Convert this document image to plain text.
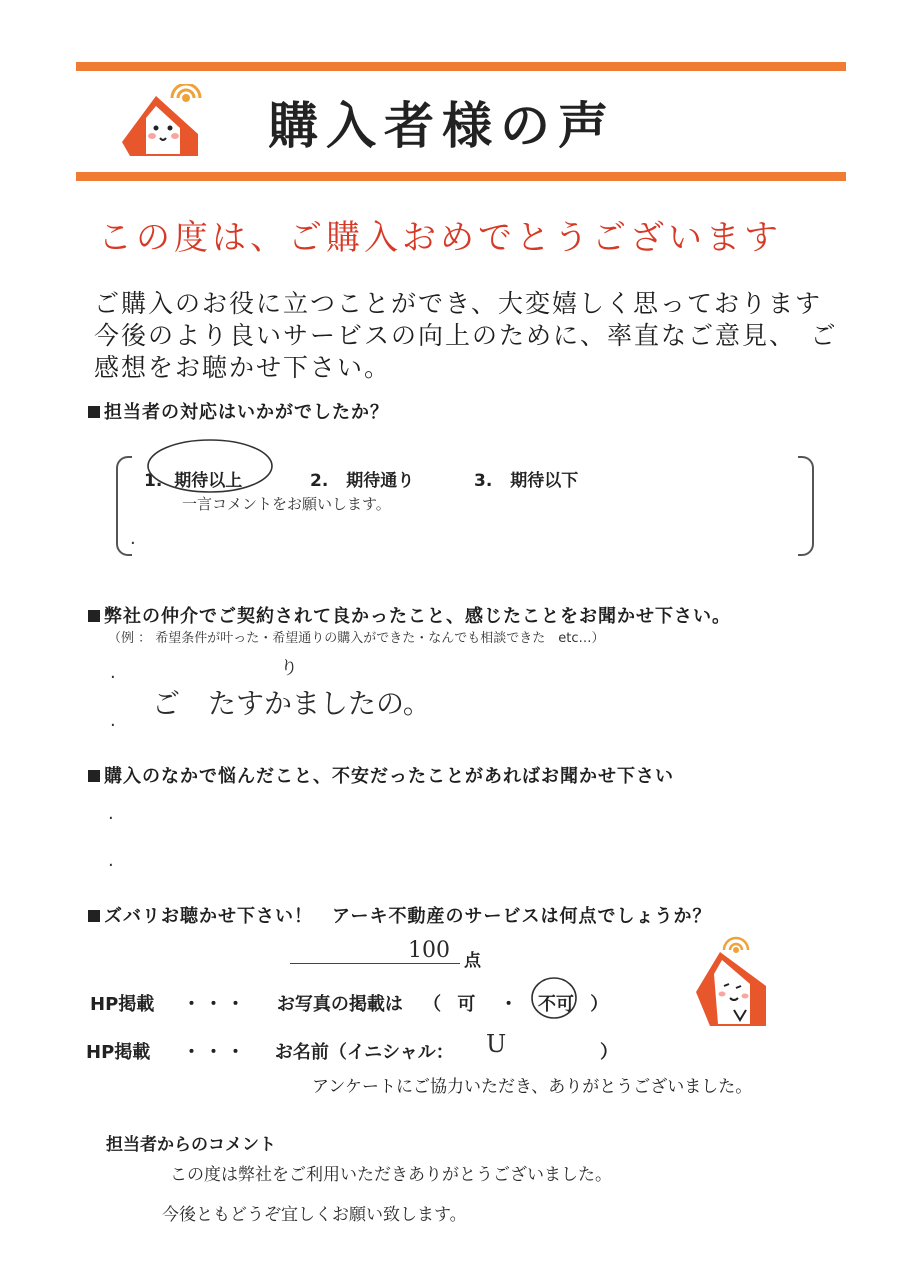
購入者様の声
この度は、ご購入おめでとうございます
ご購入のお役に立つことができ、大変嬉しく思っております
今後のより良いサービスの向上のために、率直なご意見、　ご
感想をお聴かせ下さい。
担当者の対応はいかがでしたか？
1. 期待以上	2. 期待通り	3. 期待以下
一言コメントをお願いします。
.
弊社の仲介でご契約されて良かったこと、感じたことをお聞かせ下さい。
（例 ： 希望条件が叶った・希望通りの購入ができた・なんでも相談できた　etc…）
.	り
.
ご　たすかましたの。
購入のなかで悩んだこと、不安だったことがあればお聞かせ下さい
.
.
ズバリお聴かせ下さい！　アーキ不動産のサービスは何点でしょうか？
100 点
HP掲載 ・・・ お写真の掲載は （ 可 ・ 不可 ）
HP掲載 ・・・ お名前（イニシャル： U	）
アンケートにご協力いただき、ありがとうございました。
担当者からのコメント
この度は弊社をご利用いただきありがとうございました。
今後ともどうぞ宜しくお願い致します。
